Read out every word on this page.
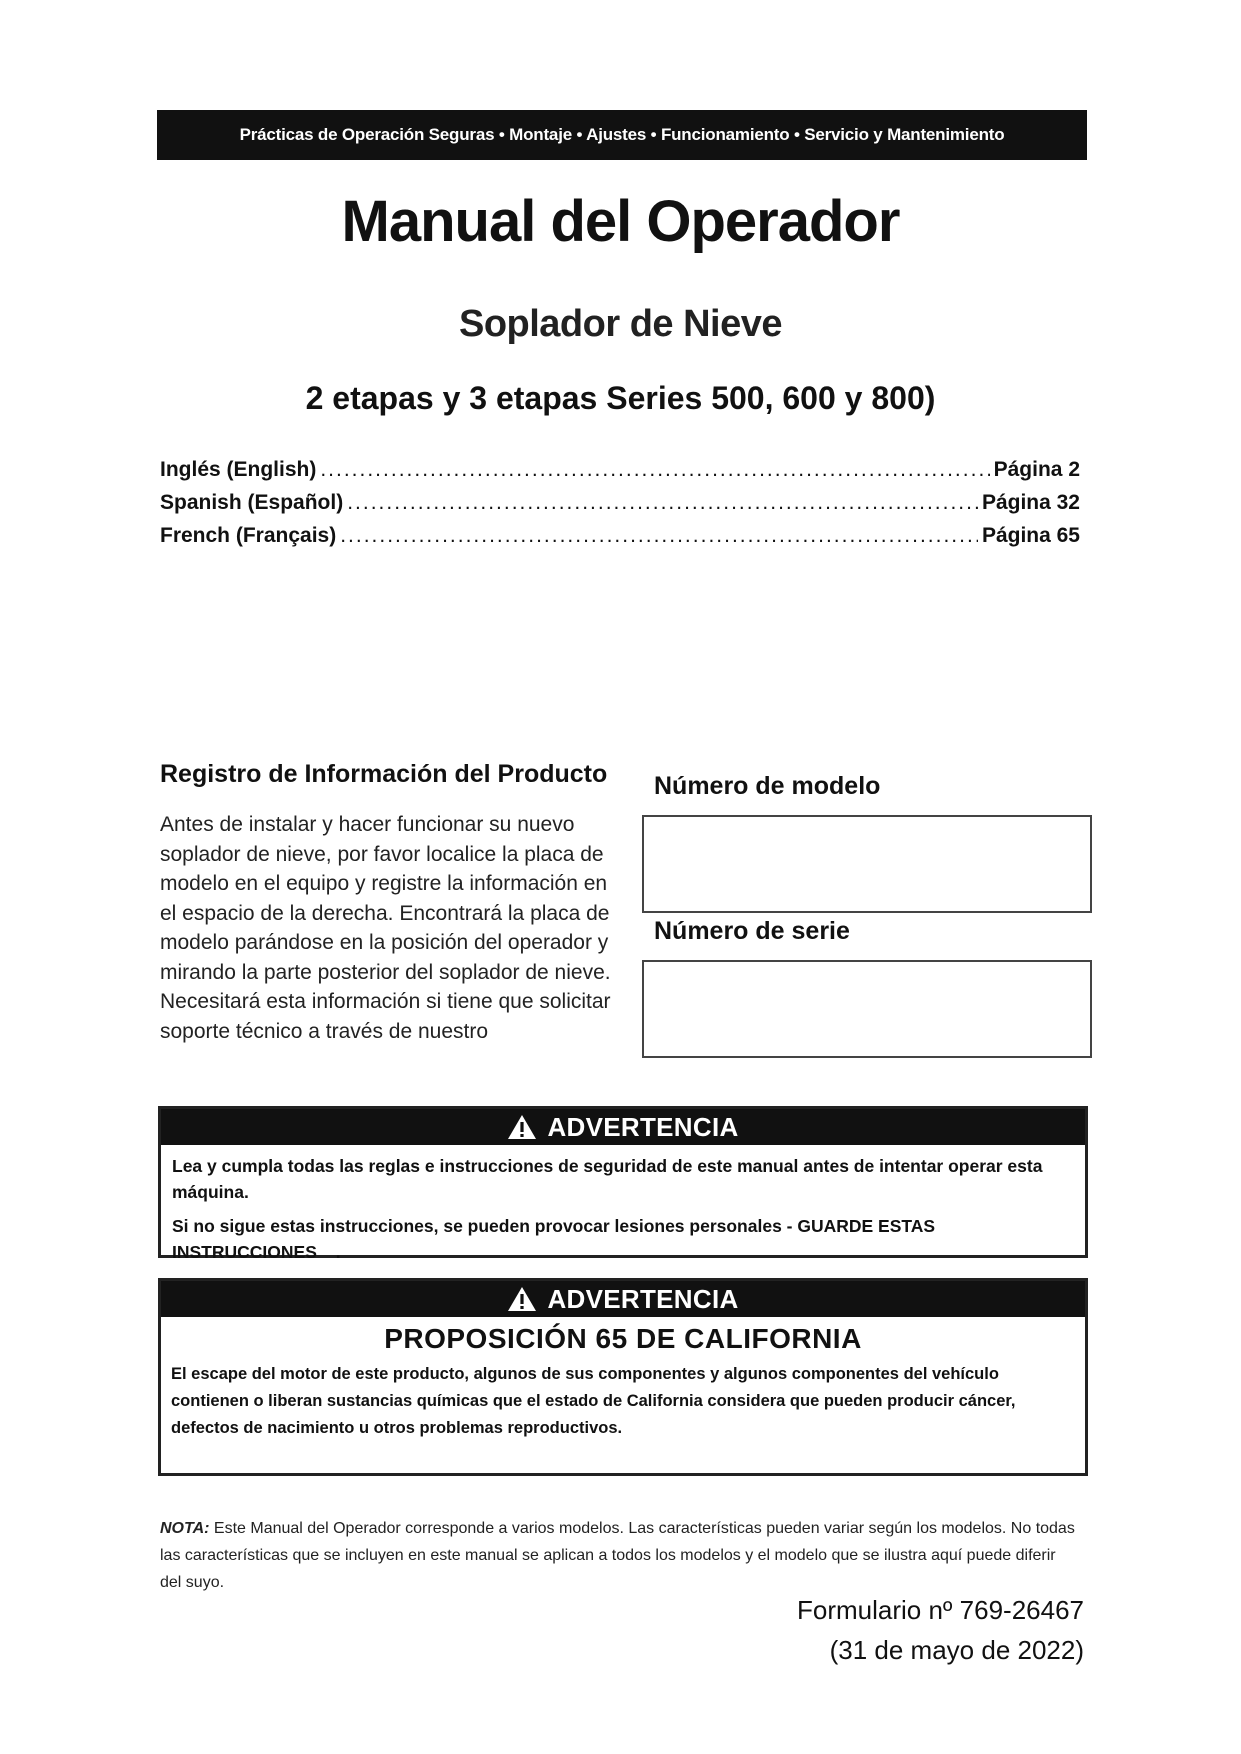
Prácticas de Operación Seguras • Montaje • Ajustes • Funcionamiento • Servicio y Mantenimiento
Manual del Operador
Soplador de Nieve
2 etapas y 3 etapas Series 500, 600 y 800)
Inglés (English) .....	Página 2
Spanish (Español) .....	Página 32
French (Français) .....	Página 65
Registro de Información del Producto
Antes de instalar y hacer funcionar su nuevo soplador de nieve, por favor localice la placa de modelo en el equipo y registre la información en el espacio de la derecha. Encontrará la placa de modelo parándose en la posición del operador y mirando la parte posterior del soplador de nieve. Necesitará esta información si tiene que solicitar soporte técnico a través de nuestro
Número de modelo
Número de serie
ADVERTENCIA
Lea y cumpla todas las reglas e instrucciones de seguridad de este manual antes de intentar operar esta máquina.
Si no sigue estas instrucciones, se pueden provocar lesiones personales - GUARDE ESTAS INSTRUCCIONES .
ADVERTENCIA
PROPOSICIÓN 65 DE CALIFORNIA
El escape del motor de este producto, algunos de sus componentes y algunos componentes del vehículo contienen o liberan sustancias químicas que el estado de California considera que pueden producir cáncer, defectos de nacimiento u otros problemas reproductivos.
NOTA: Este Manual del Operador corresponde a varios modelos. Las características pueden variar según los modelos. No todas las características que se incluyen en este manual se aplican a todos los modelos y el modelo que se ilustra aquí puede diferir del suyo.
Formulario nº 769-26467
(31 de mayo de 2022)
